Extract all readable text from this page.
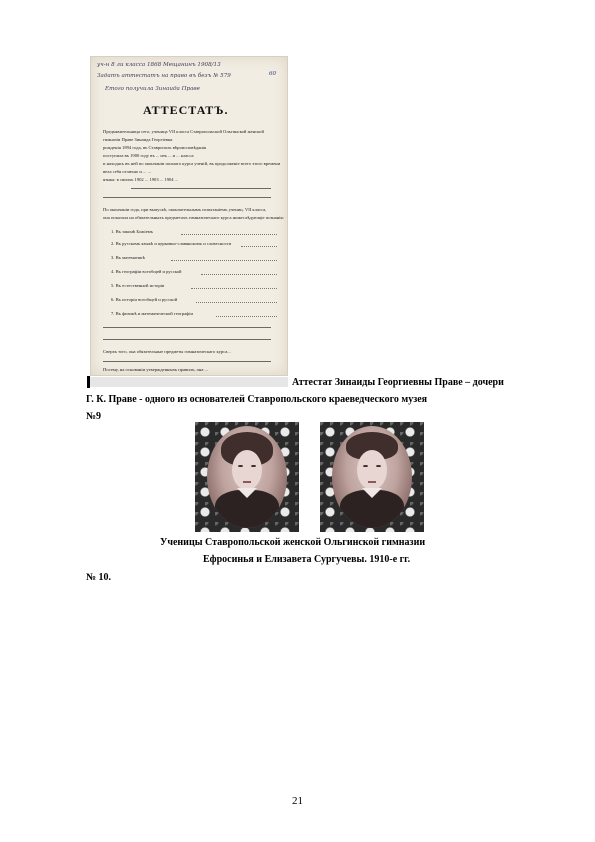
уч-н 8 ли класса 1868 Мещанинъ 1908/13
Задатъ аттестатъ на право въ безъ № 579
Етого получила Зинаида Праве
60
АТТЕСТАТЪ.
Предъявительница сего, ученица VII класса Ставропольской Ольгинской женской
гимназіи Праве Зинаида Георгіевна
рожденія 1894 года, въ Ставрополь вѣроисповѣданія
поступила въ 1900 году въ ... изъ ... и ... класса
и находясь въ ней по окончаніи полнаго курса ученій, въ продолженіе всего этого времени
вела себя отлично и ... ...
языка: в своихъ 1902 ... 1903 ... 1904 ...
По окончаніи года, при выпускѣ, окончательнымъ испытаніемъ учениц. VII класса,
она показала на обязательныхъ предметахъ гимназическаго курса нижеслѣдующіе познанія:
1. Въ законѣ Божіемъ
2. Въ русскомъ языкѣ и церковно-славянскомъ и словесности
3. Въ математикѣ
4. Въ географіи всеобщей и русской
5. Въ естественной исторіи
6. Въ исторіи всеобщей и русской
7. Въ физикѣ и математической географіи
Сверхъ того, она обязательные предметы гимназическаго курса...
Посему, на основаніи утвержденныхъ правилъ, она ...
Аттестат Зинаиды Георгиевны Праве – дочери
Г. К. Праве - одного из основателей Ставропольского краеведческого музея
№9
Ученицы Ставропольской женской Ольгинской гимназии
Ефросинья и Елизавета Сургучевы. 1910-е гг.
№ 10.
21
